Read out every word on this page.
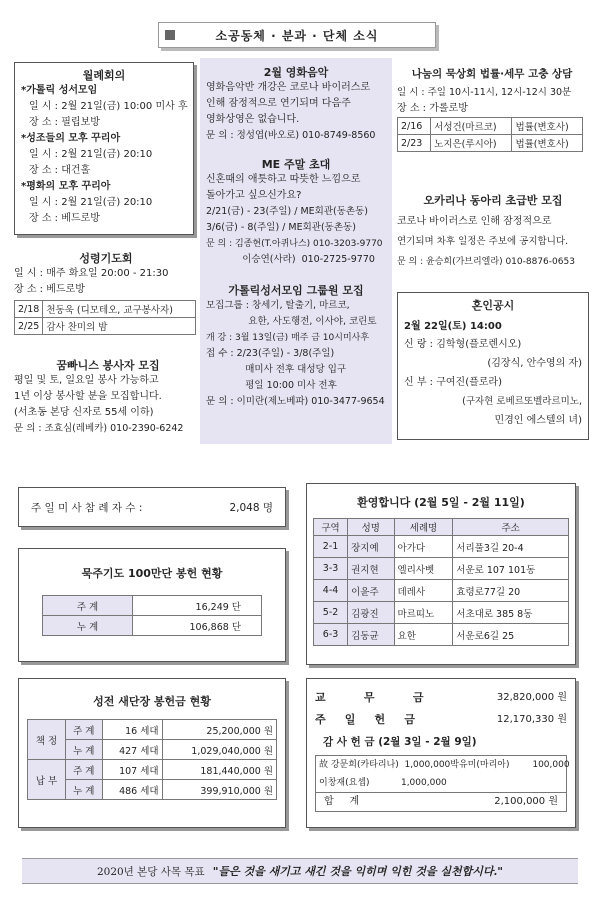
소공동체 · 분과 · 단체 소식
월례회의
*가톨릭 성서모임
일 시 : 2월 21일(금) 10:00 미사 후
장 소 : 필립보방
*성조들의 모후 꾸리아
일 시 : 2월 21일(금) 20:10
장 소 : 대건홀
*평화의 모후 꾸리아
일 시 : 2월 21일(금) 20:10
장 소 : 베드로방
성령기도회
일 시 : 매주 화요일 20:00 - 21:30
장 소 : 베드로방
2/18	천동욱 (디모테오, 교구봉사자)
2/25	감사 찬미의 밤
꿈빠니스 봉사자 모집
평일 및 토, 일요일 봉사 가능하고
1년 이상 봉사할 분을 모집합니다.
(서초동 본당 신자로 55세 이하)
문 의 : 조효심(레베카) 010-2390-6242
2월 영화음악
영화음악반 개강은 코로나 바이러스로
인해 잠정적으로 연기되며 다음주
영화상영은 없습니다.
문 의 : 정성엽(바오로) 010-8749-8560
ME 주말 초대
신혼때의 애틋하고 따뜻한 느낌으로
돌아가고 싶으신가요?
2/21(금) - 23(주일) / ME회관(동촌동)
3/6(금) - 8(주일) / ME회관(동촌동)
문 의 : 김종현(T.아퀴나스) 010-3203-9770
이승연(사라)  010-2725-9770
가톨릭성서모임 그룹원 모집
모집그룹 : 창세기, 탈출기, 마르코,
요한, 사도행전, 이사야, 코린토
개 강 : 3월 13일(금) 매주 금 10시미사후
접 수 : 2/23(주일) - 3/8(주일)
매미사 전후 대성당 입구
평일 10:00 미사 전후
문 의 : 이미란(제노베파) 010-3477-9654
나눔의 묵상회 법률·세무 고충 상담
일 시 : 주일 10시-11시, 12시-12시 30분
장 소 : 가롤로방
2/16	서성건(마르코)	법률(변호사)
2/23	노지은(루시아)	법률(변호사)
오카리나 동아리 초급반 모집
코로나 바이러스로 인해 잠정적으로
연기되며 차후 일정은 주보에 공지합니다.
문 의 : 윤승희(가브리엘라) 010-8876-0653
혼인공시
2월 22일(토) 14:00
신 랑 : 김학형(플로렌시오)
(김장식, 안수영의 자)
신 부 : 구여진(플로라)
(구자현 로베르또벨라르미노,
민경인 에스텔의 녀)
주 일 미 사 참 례 자 수 :	2,048 명
묵주기도 100만단 봉헌 현황
주 계	16,249 단
누 계	106,868 단
성전 새단장 봉헌금 현황
책 정	주 계	16 세대	25,200,000 원
	누 계	427 세대	1,029,040,000 원
납 부	주 계	107 세대	181,440,000 원
	누 계	486 세대	399,910,000 원
환영합니다 (2월 5일 - 2월 11일)
구역	성명	세례명	주소
2-1	장지예	아가다	서리풀3길 20-4
3-3	권지현	엘리사벳	서운로 107 101동
4-4	이윤주	데레사	효령로77길 20
5-2	김광진	마르띠노	서초대로 385 8동
6-3	김동균	요한	서운로6길 25
교          무          금	32,820,000 원
주     일     헌     금	12,170,330 원
감 사 헌 금 (2월 3일 - 2월 9일)
故 강문희(카타리나)  1,000,000 박유미(마리아)        100,000
이창재(요셉)           1,000,000
합     계	2,100,000 원
2020년 본당 사목 목표 "들은 것을 새기고 새긴 것을 익히며 익힌 것을 실천합시다."
